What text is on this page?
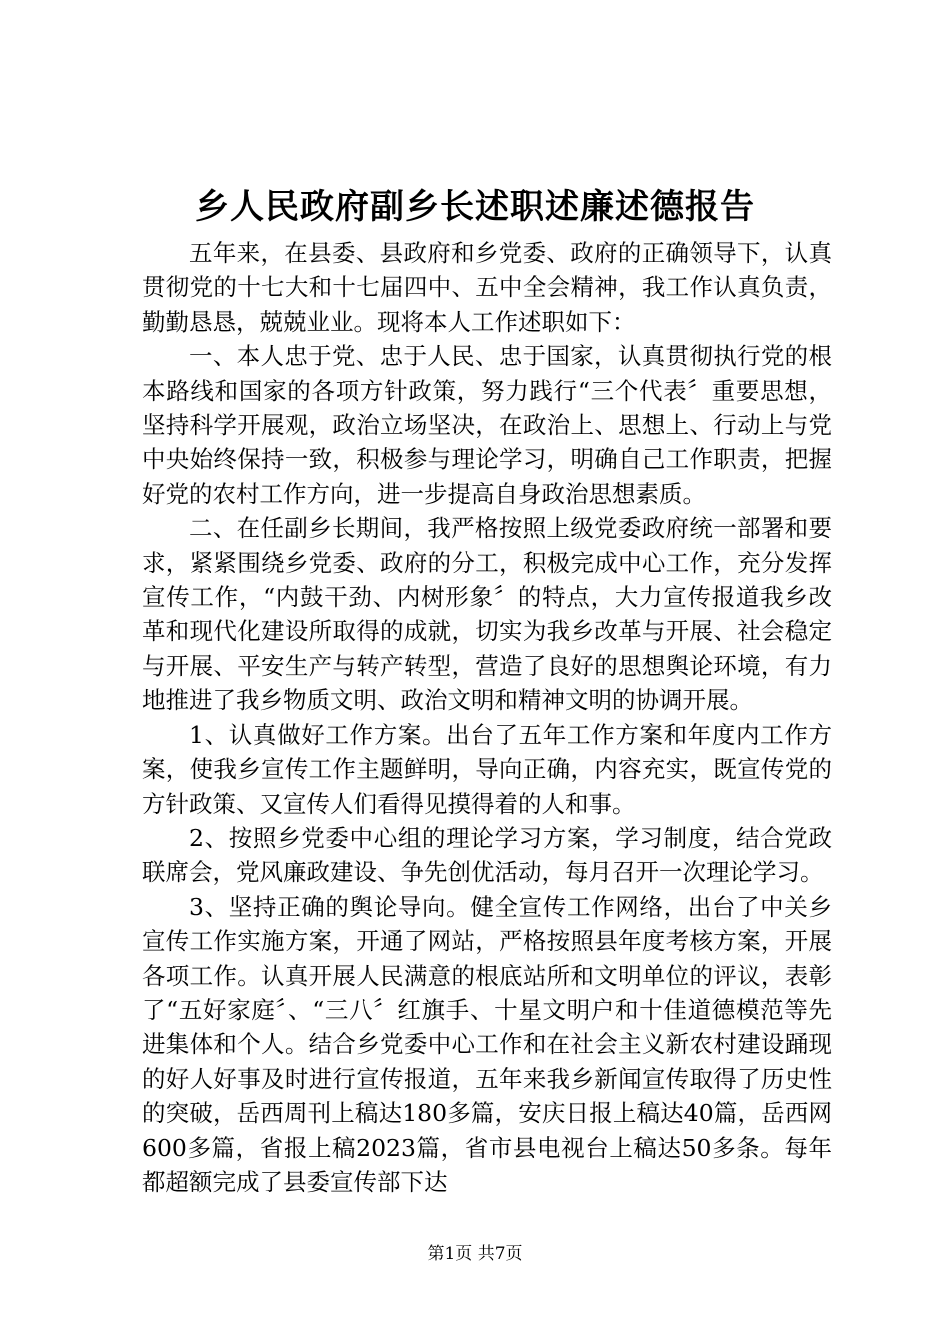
乡人民政府副乡长述职述廉述德报告

五年来，在县委、县政府和乡党委、政府的正确领导下，认真贯彻党的十七大和十七届四中、五中全会精神，我工作认真负责，勤勤恳恳，兢兢业业。现将本人工作述职如下：

一、本人忠于党、忠于人民、忠于国家，认真贯彻执行党的根本路线和国家的各项方针政策，努力践行“三个代表〞重要思想，坚持科学开展观，政治立场坚决，在政治上、思想上、行动上与党中央始终保持一致，积极参与理论学习，明确自己工作职责，把握好党的农村工作方向，进一步提高自身政治思想素质。

二、在任副乡长期间，我严格按照上级党委政府统一部署和要求，紧紧围绕乡党委、政府的分工，积极完成中心工作，充分发挥宣传工作，“内鼓干劲、内树形象〞的特点，大力宣传报道我乡改革和现代化建设所取得的成就，切实为我乡改革与开展、社会稳定与开展、平安生产与转产转型，营造了良好的思想舆论环境，有力地推进了我乡物质文明、政治文明和精神文明的协调开展。

1、认真做好工作方案。出台了五年工作方案和年度内工作方案，使我乡宣传工作主题鲜明，导向正确，内容充实，既宣传党的方针政策、又宣传人们看得见摸得着的人和事。

2、按照乡党委中心组的理论学习方案，学习制度，结合党政联席会，党风廉政建设、争先创优活动，每月召开一次理论学习。

3、坚持正确的舆论导向。健全宣传工作网络，出台了中关乡宣传工作实施方案，开通了网站，严格按照县年度考核方案，开展各项工作。认真开展人民满意的根底站所和文明单位的评议，表彰了“五好家庭〞、“三八〞红旗手、十星文明户和十佳道德模范等先进集体和个人。结合乡党委中心工作和在社会主义新农村建设踊现的好人好事及时进行宣传报道，五年来我乡新闻宣传取得了历史性的突破，岳西周刊上稿达180多篇，安庆日报上稿达40篇，岳西网600多篇，省报上稿2023篇，省市县电视台上稿达50多条。每年都超额完成了县委宣传部下达

第1页 共7页
